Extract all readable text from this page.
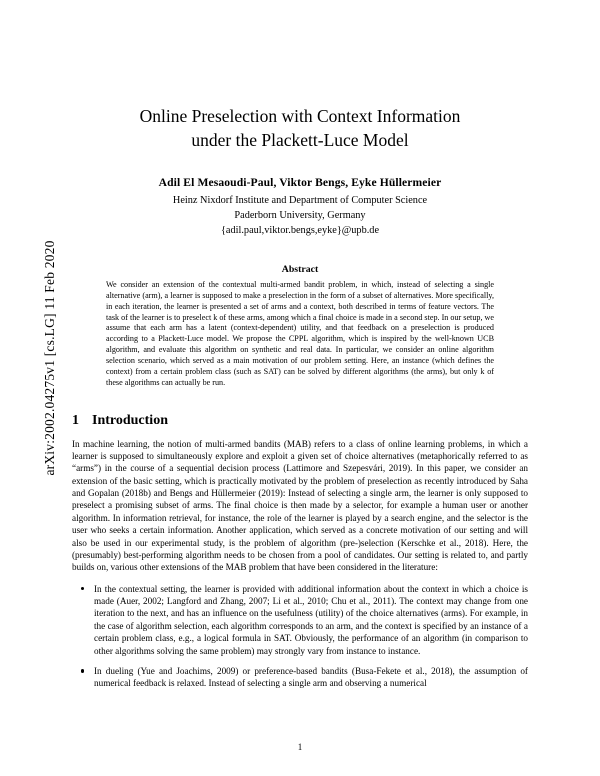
arXiv:2002.04275v1 [cs.LG] 11 Feb 2020
Online Preselection with Context Information
under the Plackett-Luce Model
Adil El Mesaoudi-Paul, Viktor Bengs, Eyke Hüllermeier
Heinz Nixdorf Institute and Department of Computer Science
Paderborn University, Germany
{adil.paul,viktor.bengs,eyke}@upb.de
Abstract
We consider an extension of the contextual multi-armed bandit problem, in which, instead of selecting a single alternative (arm), a learner is supposed to make a preselection in the form of a subset of alternatives. More specifically, in each iteration, the learner is presented a set of arms and a context, both described in terms of feature vectors. The task of the learner is to preselect k of these arms, among which a final choice is made in a second step. In our setup, we assume that each arm has a latent (context-dependent) utility, and that feedback on a preselection is produced according to a Plackett-Luce model. We propose the CPPL algorithm, which is inspired by the well-known UCB algorithm, and evaluate this algorithm on synthetic and real data. In particular, we consider an online algorithm selection scenario, which served as a main motivation of our problem setting. Here, an instance (which defines the context) from a certain problem class (such as SAT) can be solved by different algorithms (the arms), but only k of these algorithms can actually be run.
1 Introduction
In machine learning, the notion of multi-armed bandits (MAB) refers to a class of online learning problems, in which a learner is supposed to simultaneously explore and exploit a given set of choice alternatives (metaphorically referred to as “arms”) in the course of a sequential decision process (Lattimore and Szepesvári, 2019). In this paper, we consider an extension of the basic setting, which is practically motivated by the problem of preselection as recently introduced by Saha and Gopalan (2018b) and Bengs and Hüllermeier (2019): Instead of selecting a single arm, the learner is only supposed to preselect a promising subset of arms. The final choice is then made by a selector, for example a human user or another algorithm. In information retrieval, for instance, the role of the learner is played by a search engine, and the selector is the user who seeks a certain information. Another application, which served as a concrete motivation of our setting and will also be used in our experimental study, is the problem of algorithm (pre-)selection (Kerschke et al., 2018). Here, the (presumably) best-performing algorithm needs to be chosen from a pool of candidates. Our setting is related to, and partly builds on, various other extensions of the MAB problem that have been considered in the literature:
In the contextual setting, the learner is provided with additional information about the context in which a choice is made (Auer, 2002; Langford and Zhang, 2007; Li et al., 2010; Chu et al., 2011). The context may change from one iteration to the next, and has an influence on the usefulness (utility) of the choice alternatives (arms). For example, in the case of algorithm selection, each algorithm corresponds to an arm, and the context is specified by an instance of a certain problem class, e.g., a logical formula in SAT. Obviously, the performance of an algorithm (in comparison to other algorithms solving the same problem) may strongly vary from instance to instance.
In dueling (Yue and Joachims, 2009) or preference-based bandits (Busa-Fekete et al., 2018), the assumption of numerical feedback is relaxed. Instead of selecting a single arm and observing a numerical
1
